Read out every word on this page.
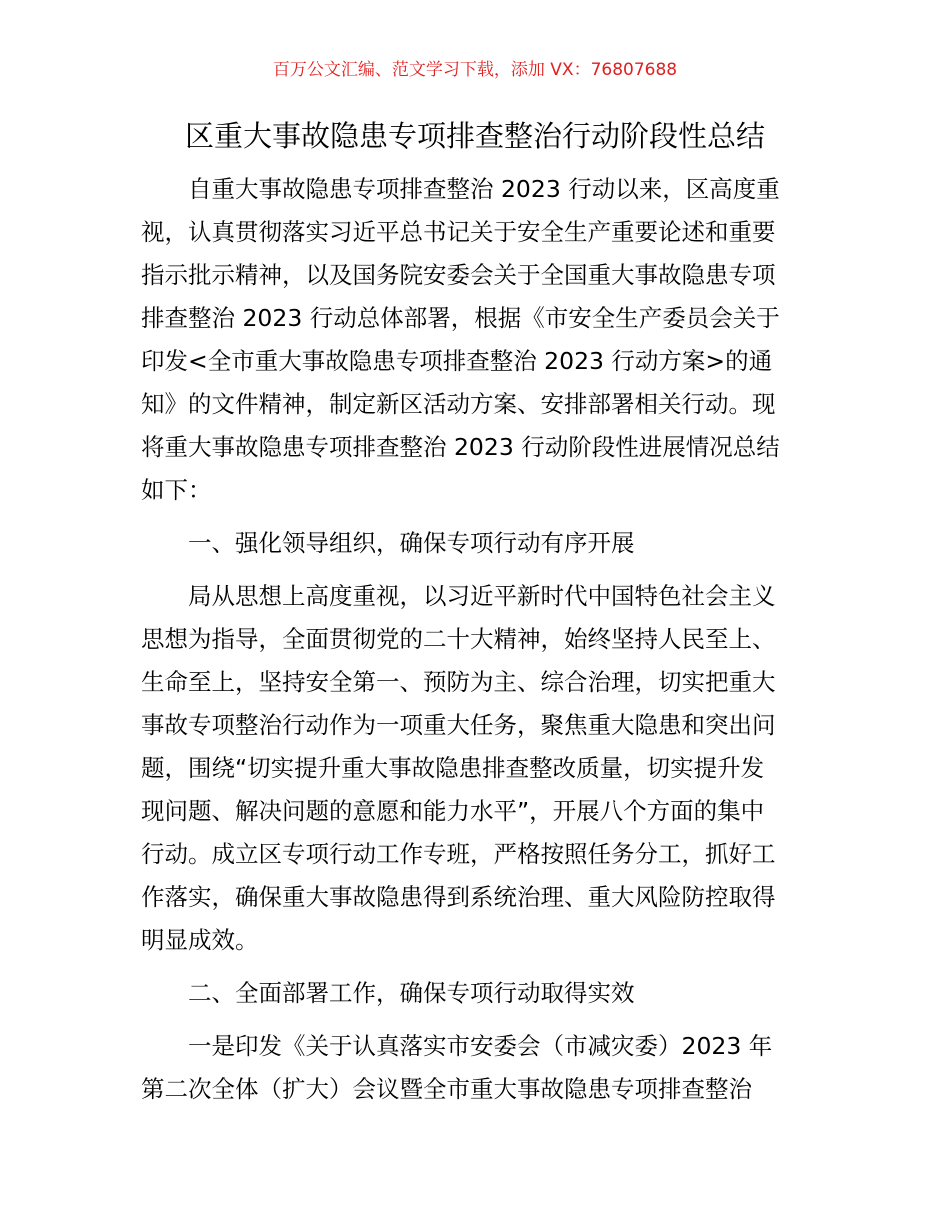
百万公文汇编、范文学习下载，添加 VX：76807688
区重大事故隐患专项排查整治行动阶段性总结
自重大事故隐患专项排查整治 2023 行动以来，区高度重
视，认真贯彻落实习近平总书记关于安全生产重要论述和重要
指示批示精神，以及国务院安委会关于全国重大事故隐患专项
排查整治 2023 行动总体部署，根据《市安全生产委员会关于
印发<全市重大事故隐患专项排查整治 2023 行动方案>的通
知》的文件精神，制定新区活动方案、安排部署相关行动。现
将重大事故隐患专项排查整治 2023 行动阶段性进展情况总结
如下：
一、强化领导组织，确保专项行动有序开展
局从思想上高度重视，以习近平新时代中国特色社会主义
思想为指导，全面贯彻党的二十大精神，始终坚持人民至上、
生命至上，坚持安全第一、预防为主、综合治理，切实把重大
事故专项整治行动作为一项重大任务，聚焦重大隐患和突出问
题，围绕“切实提升重大事故隐患排查整改质量，切实提升发
现问题、解决问题的意愿和能力水平”，开展八个方面的集中
行动。成立区专项行动工作专班，严格按照任务分工，抓好工
作落实，确保重大事故隐患得到系统治理、重大风险防控取得
明显成效。
二、全面部署工作，确保专项行动取得实效
一是印发《关于认真落实市安委会（市减灾委）2023 年
第二次全体（扩大）会议暨全市重大事故隐患专项排查整治
